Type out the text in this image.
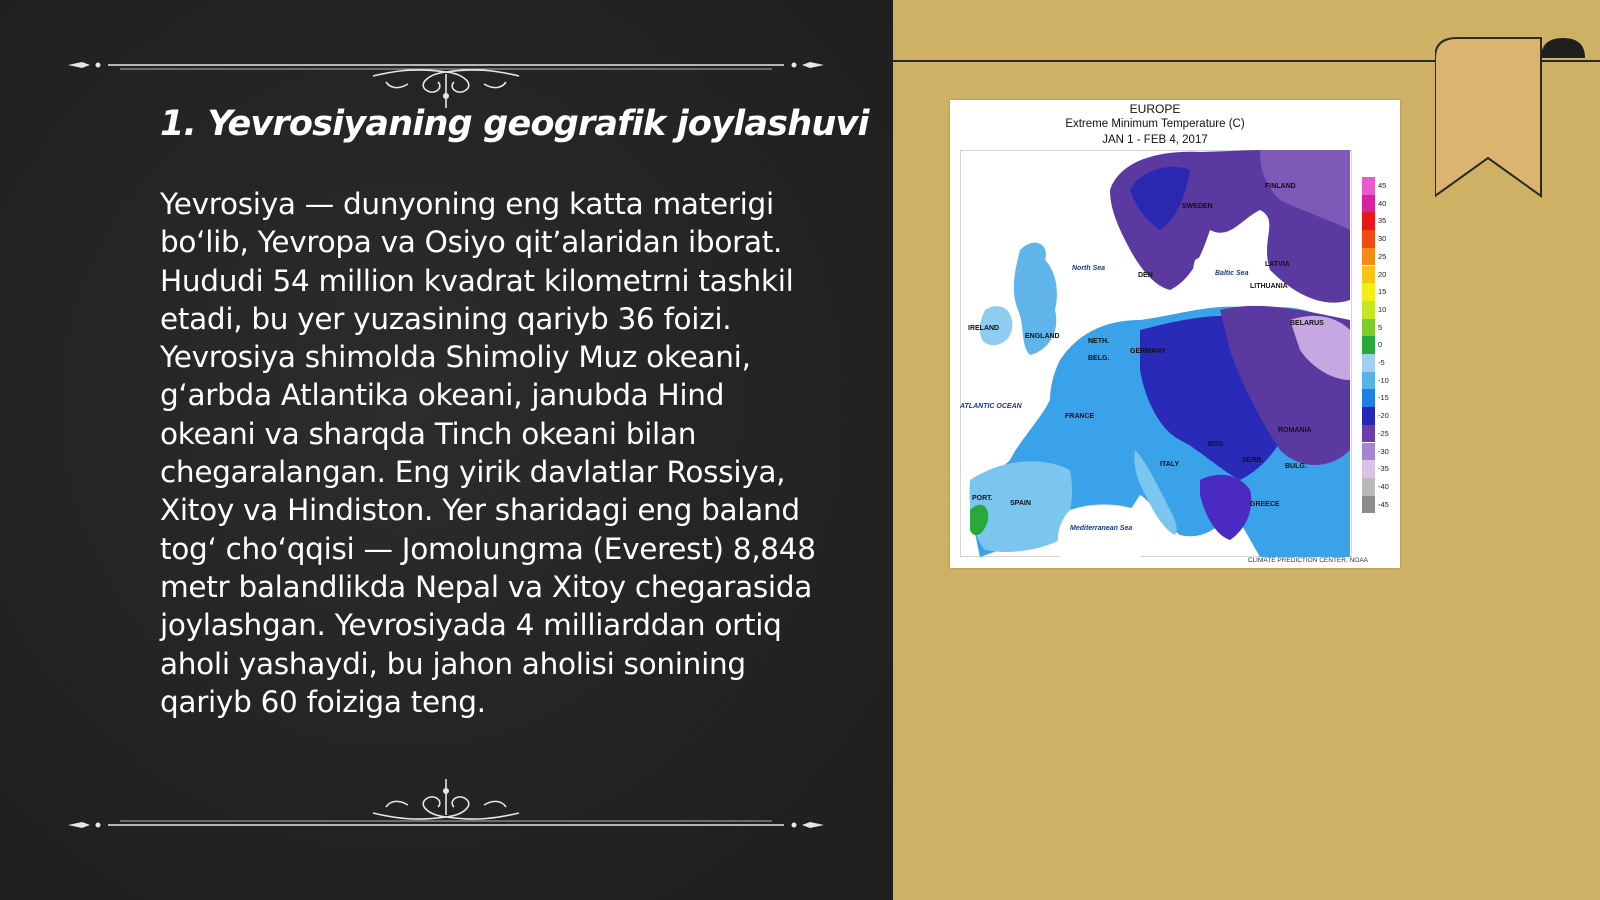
1. Yevrosiyaning geografik joylashuvi
Yevrosiya — dunyoning eng katta materigi
bo‘lib, Yevropa va Osiyo qit’alaridan iborat.
Hududi 54 million kvadrat kilometrni tashkil
etadi, bu yer yuzasining qariyb 36 foizi.
Yevrosiya shimolda Shimoliy Muz okeani,
g‘arbda Atlantika okeani, janubda Hind
okeani va sharqda Tinch okeani bilan
chegaralangan. Eng yirik davlatlar Rossiya,
Xitoy va Hindiston. Yer sharidagi eng baland
tog‘ cho‘qqisi — Jomolungma (Everest) 8,848
metr balandlikda Nepal va Xitoy chegarasida
joylashgan. Yevrosiyada 4 milliarddan ortiq
aholi yashaydi, bu jahon aholisi sonining
qariyb 60 foiziga teng.
EUROPE
Extreme Minimum Temperature (C)
JAN 1 - FEB 4, 2017
FINLAND
SWEDEN
LATVIA
LITHUANIA
BELARUS
DEN
IRELAND
ENGLAND
NETH.
BELG.
GERMANY
FRANCE
ITALY
ROMANIA
BULG.
GREECE
SPAIN
PORT.
SERB.
BOS.
North Sea
Baltic Sea
ATLANTIC OCEAN
Mediterranean Sea
45
40
35
30
25
20
15
10
5
0
-5
-10
-15
-20
-25
-30
-35
-40
-45
CLIMATE PREDICTION CENTER, NOAA
